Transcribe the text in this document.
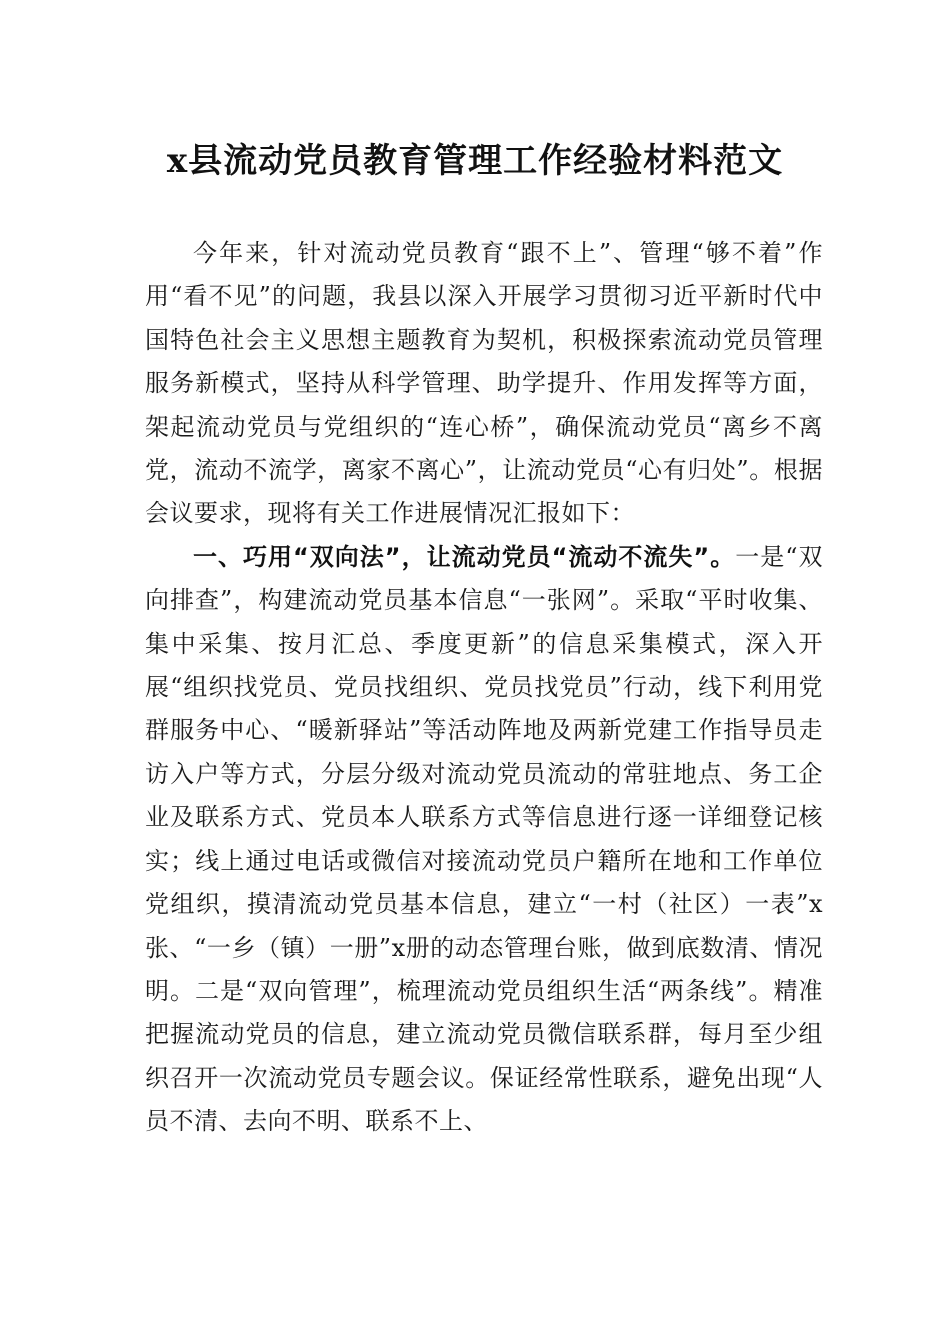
x县流动党员教育管理工作经验材料范文

今年来，针对流动党员教育“跟不上”、管理“够不着”作用“看不见”的问题，我县以深入开展学习贯彻习近平新时代中国特色社会主义思想主题教育为契机，积极探索流动党员管理服务新模式，坚持从科学管理、助学提升、作用发挥等方面，架起流动党员与党组织的“连心桥”，确保流动党员“离乡不离党，流动不流学，离家不离心”，让流动党员“心有归处”。根据会议要求，现将有关工作进展情况汇报如下：

一、巧用“双向法”，让流动党员“流动不流失”。一是“双向排查”，构建流动党员基本信息“一张网”。采取“平时收集、集中采集、按月汇总、季度更新”的信息采集模式，深入开展“组织找党员、党员找组织、党员找党员”行动，线下利用党群服务中心、“暖新驿站”等活动阵地及两新党建工作指导员走访入户等方式，分层分级对流动党员流动的常驻地点、务工企业及联系方式、党员本人联系方式等信息进行逐一详细登记核实；线上通过电话或微信对接流动党员户籍所在地和工作单位党组织，摸清流动党员基本信息，建立“一村（社区）一表”x张、“一乡（镇）一册”x册的动态管理台账，做到底数清、情况明。二是“双向管理”，梳理流动党员组织生活“两条线”。精准把握流动党员的信息，建立流动党员微信联系群，每月至少组织召开一次流动党员专题会议。保证经常性联系，避免出现“人员不清、去向不明、联系不上、
